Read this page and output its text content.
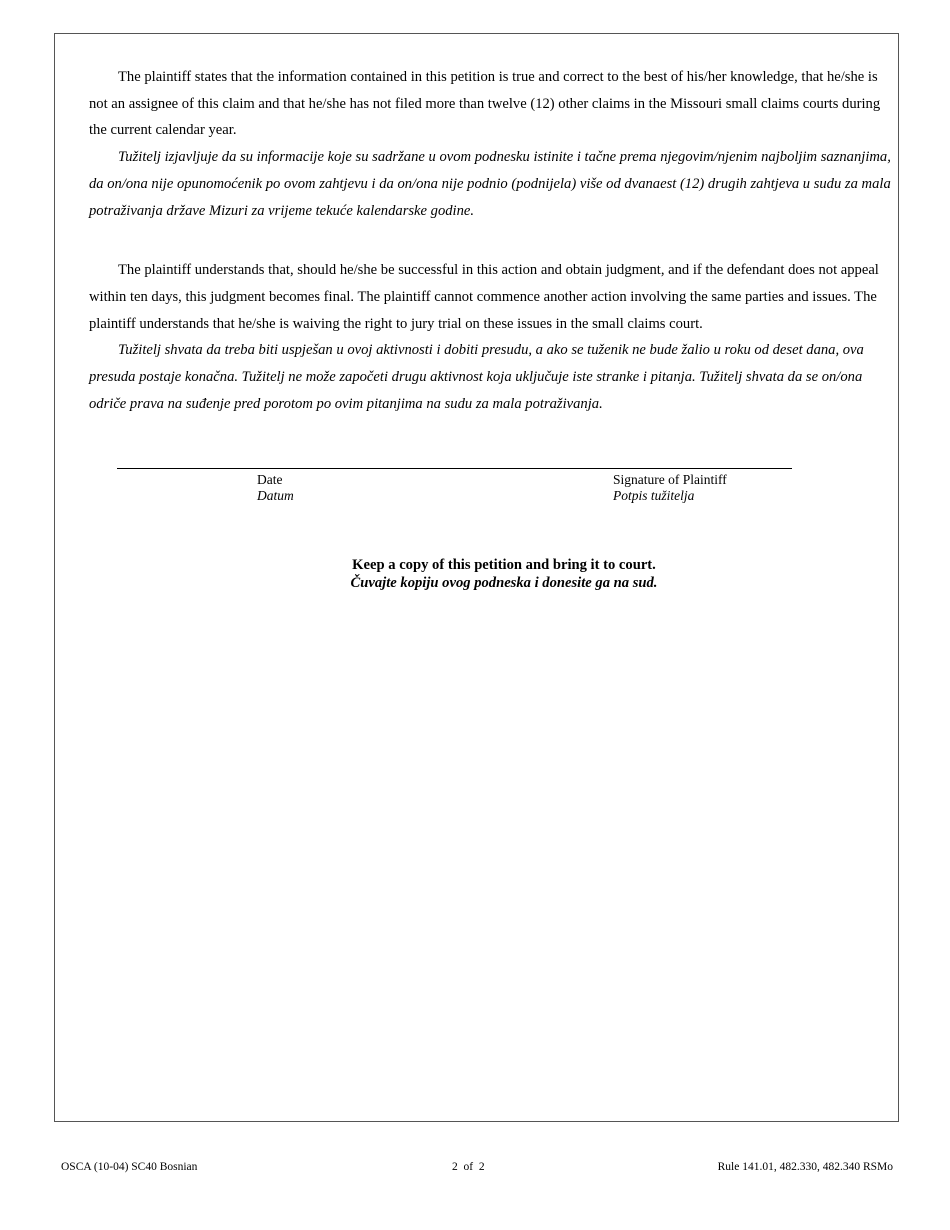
The plaintiff states that the information contained in this petition is true and correct to the best of his/her knowledge, that he/she is not an assignee of this claim and that he/she has not filed more than twelve (12) other claims in the Missouri small claims courts during the current calendar year.

Tužitelj izjavljuje da su informacije koje su sadržane u ovom podnesku istinite i tačne prema njegovim/njenim najboljim saznanjima, da on/ona nije opunomoćenik po ovom zahtjevu i da on/ona nije podnio (podnijela) više od dvanaest (12) drugih zahtjeva u sudu za mala potraživanja države Mizuri za vrijeme tekuće kalendarske godine.

The plaintiff understands that, should he/she be successful in this action and obtain judgment, and if the defendant does not appeal within ten days, this judgment becomes final. The plaintiff cannot commence another action involving the same parties and issues. The plaintiff understands that he/she is waiving the right to jury trial on these issues in the small claims court.

Tužitelj shvata da treba biti uspješan u ovoj aktivnosti i dobiti presudu, a ako se tuženik ne bude žalio u roku od deset dana, ova presuda postaje konačna. Tužitelj ne može započeti drugu aktivnost koja uključuje iste stranke i pitanja. Tužitelj shvata da se on/ona odriče prava na suđenje pred porotom po ovim pitanjima na sudu za mala potraživanja.

Date
Datum
Signature of Plaintiff
Potpis tužitelja
Keep a copy of this petition and bring it to court.
Čuvajte kopiju ovog podneska i donesite ga na sud.
OSCA (10-04) SC40 Bosnian	2  of  2	Rule 141.01, 482.330, 482.340 RSMo
